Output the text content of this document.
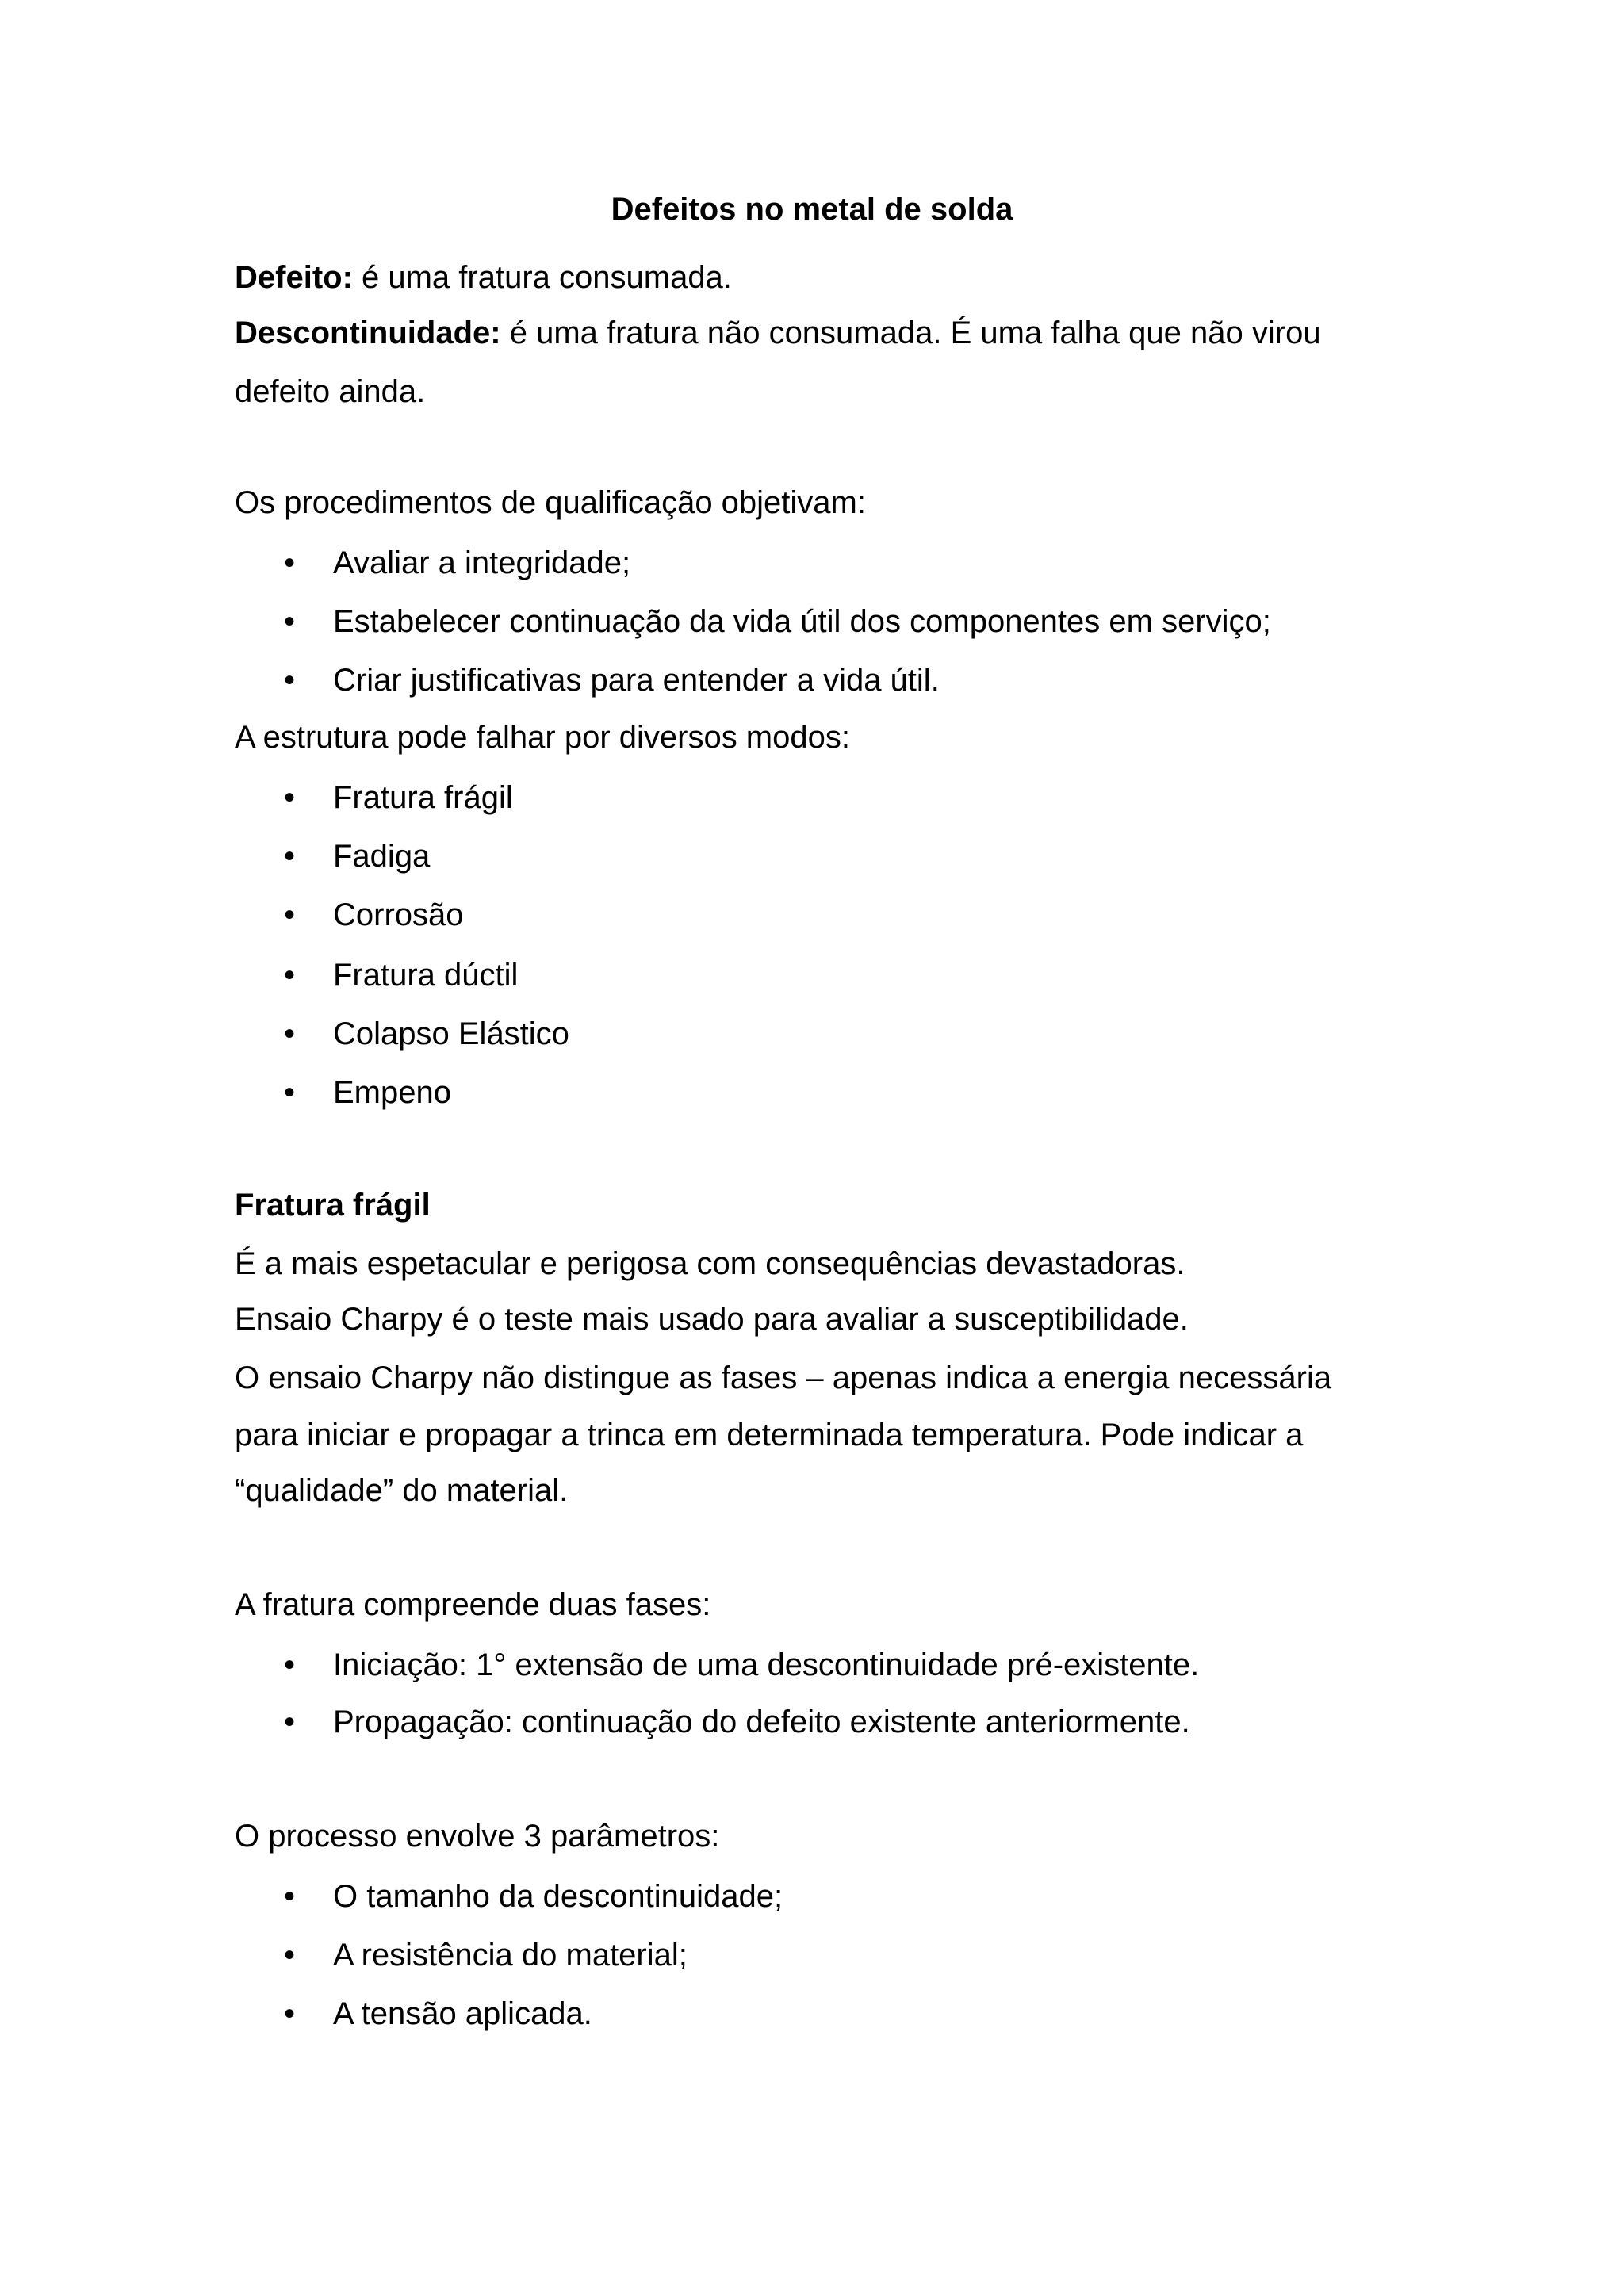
Defeitos no metal de solda
Defeito: é uma fratura consumada.
Descontinuidade: é uma fratura não consumada. É uma falha que não virou
defeito ainda.
Os procedimentos de qualificação objetivam:
•	Avaliar a integridade;
•	Estabelecer continuação da vida útil dos componentes em serviço;
•	Criar justificativas para entender a vida útil.
A estrutura pode falhar por diversos modos:
•	Fratura frágil
•	Fadiga
•	Corrosão
•	Fratura dúctil
•	Colapso Elástico
•	Empeno
Fratura frágil
É a mais espetacular e perigosa com consequências devastadoras.
Ensaio Charpy é o teste mais usado para avaliar a susceptibilidade.
O ensaio Charpy não distingue as fases – apenas indica a energia necessária
para iniciar e propagar a trinca em determinada temperatura. Pode indicar a
“qualidade” do material.
A fratura compreende duas fases:
•	Iniciação: 1° extensão de uma descontinuidade pré-existente.
•	Propagação: continuação do defeito existente anteriormente.
O processo envolve 3 parâmetros:
•	O tamanho da descontinuidade;
•	A resistência do material;
•	A tensão aplicada.
